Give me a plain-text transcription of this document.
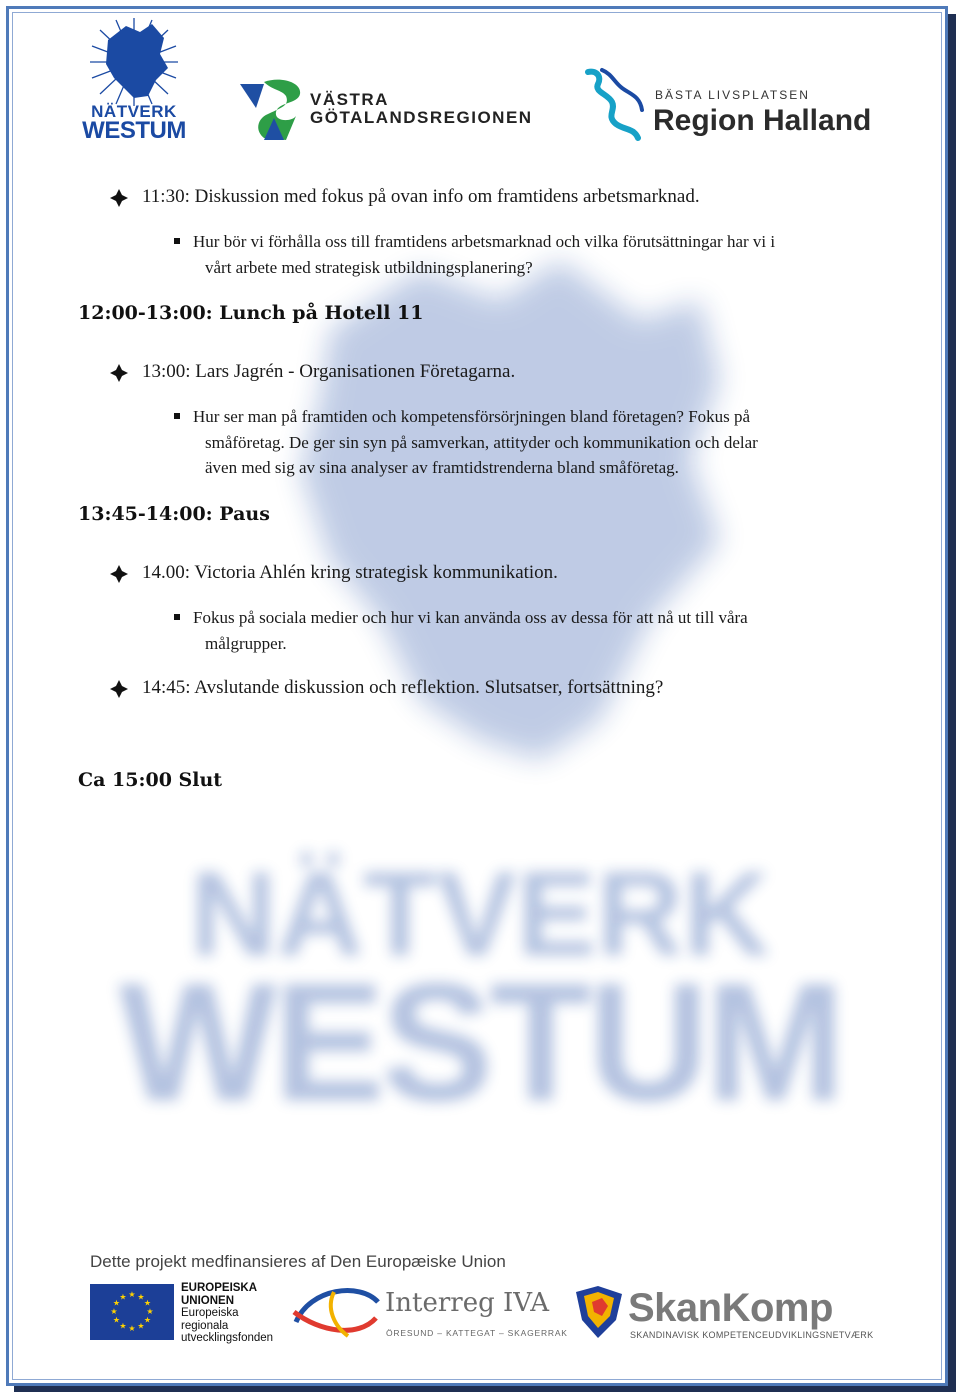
NÄTVERK
WESTUM
NÄTVERK
WESTUM
VÄSTRA
GÖTALANDSREGIONEN
BÄSTA LIVSPLATSEN
Region Halland
11:30: Diskussion med fokus på ovan info om framtidens arbetsmarknad.
Hur bör vi förhålla oss till framtidens arbetsmarknad och vilka förutsättningar har vi i
vårt arbete med strategisk utbildningsplanering?
12:00-13:00: Lunch på Hotell 11
13:00: Lars Jagrén - Organisationen Företagarna.
Hur ser man på framtiden och kompetensförsörjningen bland företagen? Fokus på
småföretag. De ger sin syn på samverkan, attityder och kommunikation och delar
även med sig av sina analyser av framtidstrenderna bland småföretag.
13:45-14:00: Paus
14.00: Victoria Ahlén kring strategisk kommunikation.
Fokus på sociala medier och hur vi kan använda oss av dessa för att nå ut till våra
målgrupper.
14:45: Avslutande diskussion och reflektion. Slutsatser, fortsättning?
Ca 15:00 Slut
Dette projekt medfinansieres af Den Europæiske Union
★ ★
★
★
★
★
★
★
★
★
★
★
EUROPEISKA
UNIONEN
Europeiska
regionala
utvecklingsfonden
Interreg IVA
ÖRESUND – KATTEGAT – SKAGERRAK
SkanKomp
SKANDINAVISK KOMPETENCEUDVIKLINGSNETVÆRK
